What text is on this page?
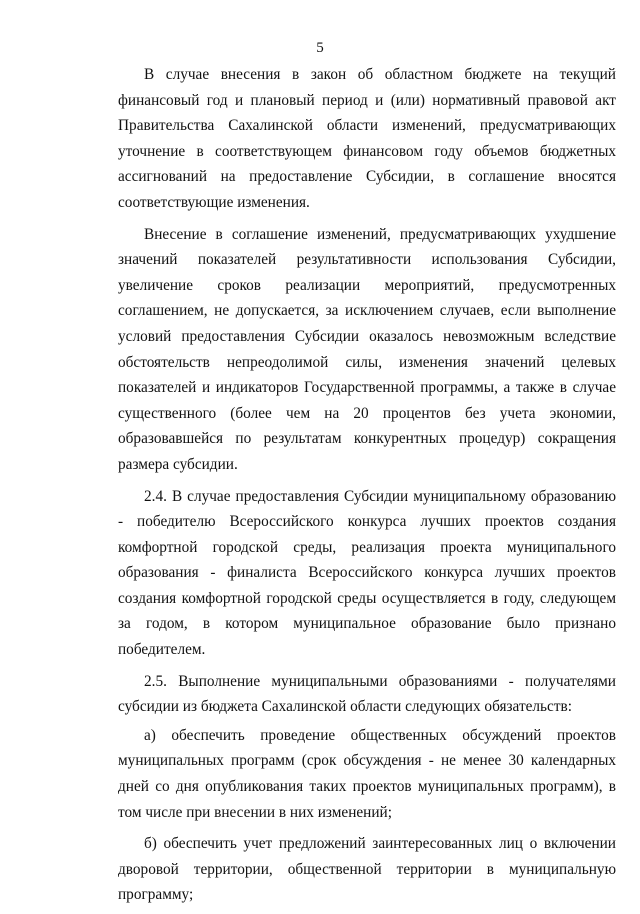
5

В случае внесения в закон об областном бюджете на текущий финансовый год и плановый период и (или) нормативный правовой акт Правительства Сахалинской области изменений, предусматривающих уточнение в соответствующем финансовом году объемов бюджетных ассигнований на предоставление Субсидии, в соглашение вносятся соответствующие изменения.

Внесение в соглашение изменений, предусматривающих ухудшение значений показателей результативности использования Субсидии, увеличение сроков реализации мероприятий, предусмотренных соглашением, не допускается, за исключением случаев, если выполнение условий предоставления Субсидии оказалось невозможным вследствие обстоятельств непреодолимой силы, изменения значений целевых показателей и индикаторов Государственной программы, а также в случае существенного (более чем на 20 процентов без учета экономии, образовавшейся по результатам конкурентных процедур) сокращения размера субсидии.

2.4. В случае предоставления Субсидии муниципальному образованию - победителю Всероссийского конкурса лучших проектов создания комфортной городской среды, реализация проекта муниципального образования - финалиста Всероссийского конкурса лучших проектов создания комфортной городской среды осуществляется в году, следующем за годом, в котором муниципальное образование было признано победителем.

2.5. Выполнение муниципальными образованиями - получателями субсидии из бюджета Сахалинской области следующих обязательств:

а) обеспечить проведение общественных обсуждений проектов муниципальных программ (срок обсуждения - не менее 30 календарных дней со дня опубликования таких проектов муниципальных программ), в том числе при внесении в них изменений;

б) обеспечить учет предложений заинтересованных лиц о включении дворовой территории, общественной территории в муниципальную программу;
